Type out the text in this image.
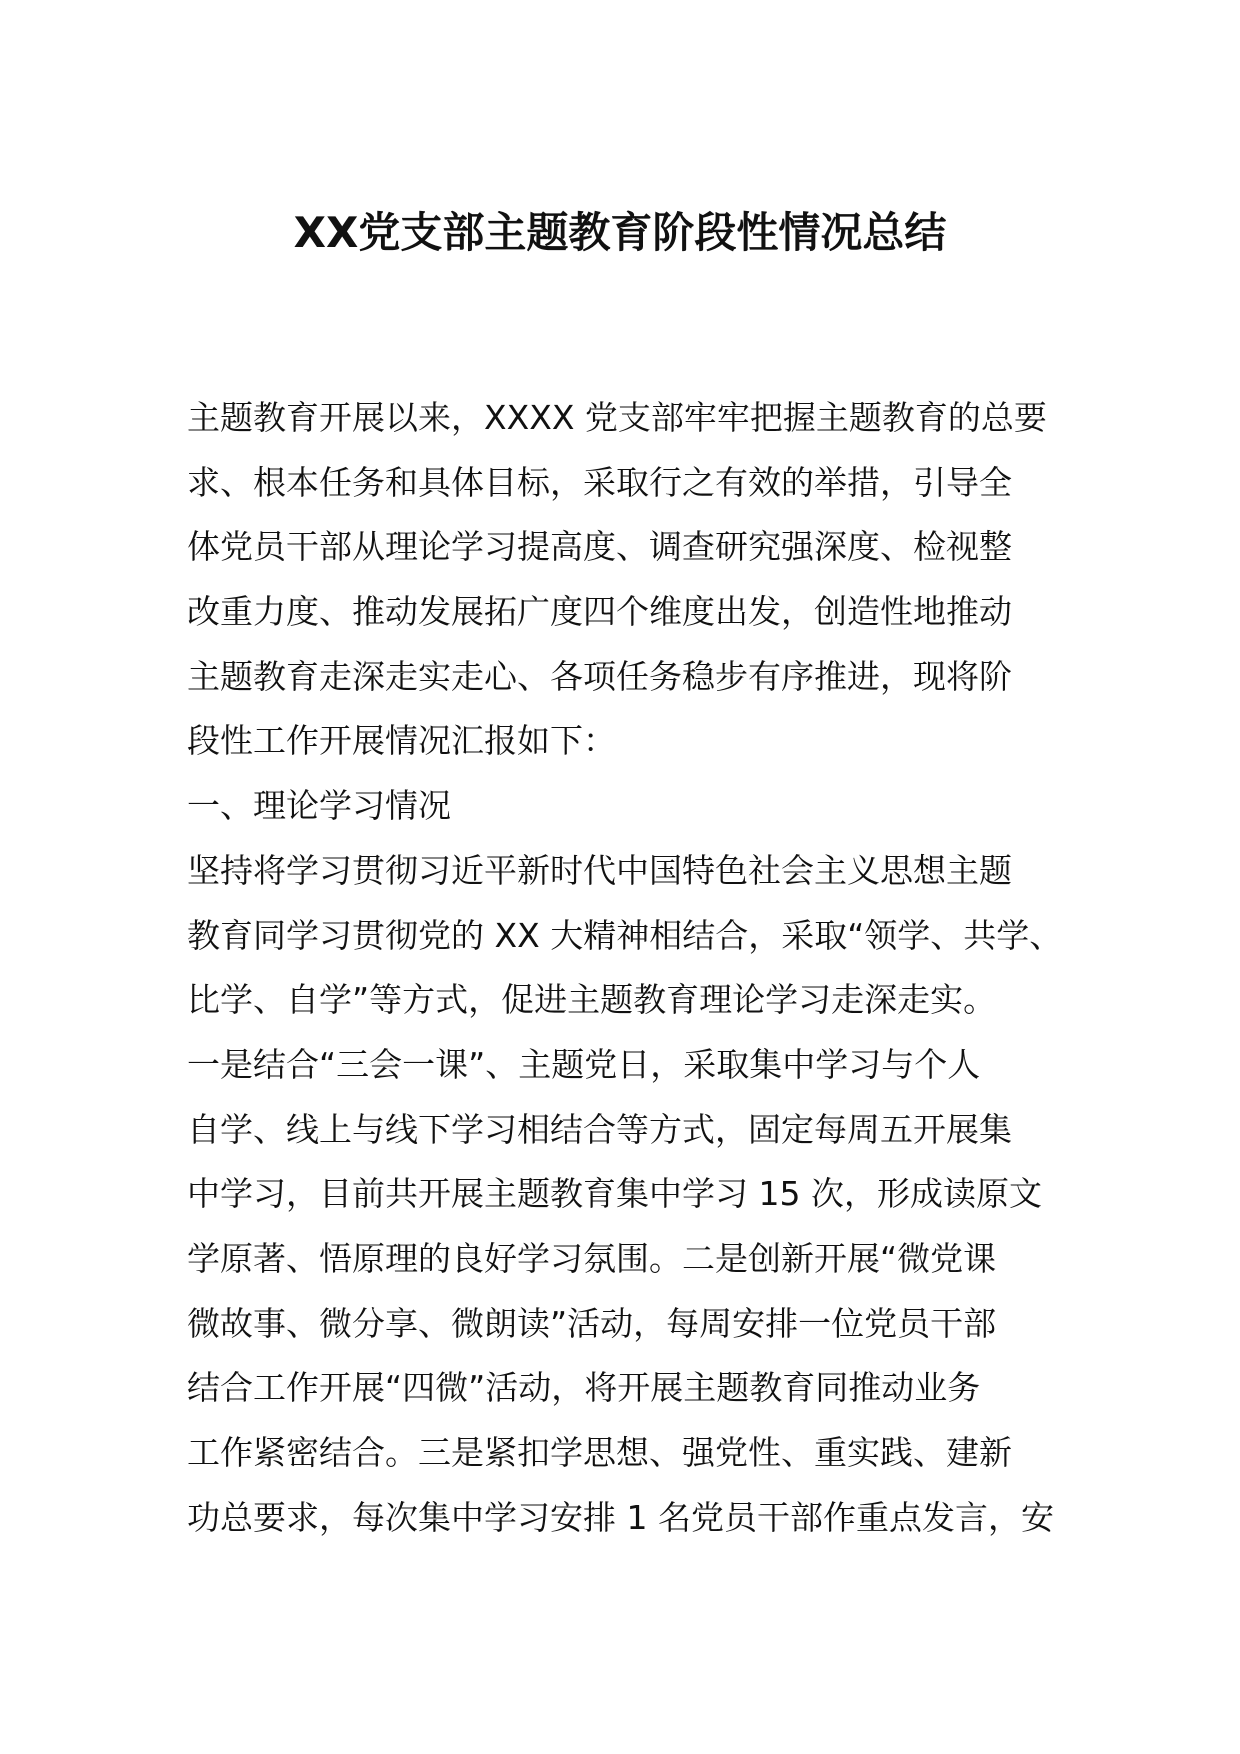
XX党支部主题教育阶段性情况总结
主题教育开展以来，XXXX 党支部牢牢把握主题教育的总要
求、根本任务和具体目标，采取行之有效的举措，引导全
体党员干部从理论学习提高度、调查研究强深度、检视整
改重力度、推动发展拓广度四个维度出发，创造性地推动
主题教育走深走实走心、各项任务稳步有序推进，现将阶
段性工作开展情况汇报如下：
一、理论学习情况
坚持将学习贯彻习近平新时代中国特色社会主义思想主题
教育同学习贯彻党的 XX 大精神相结合，采取“领学、共学、
比学、自学”等方式，促进主题教育理论学习走深走实。
一是结合“三会一课”、主题党日，采取集中学习与个人
自学、线上与线下学习相结合等方式，固定每周五开展集
中学习，目前共开展主题教育集中学习 15 次，形成读原文
学原著、悟原理的良好学习氛围。二是创新开展“微党课
微故事、微分享、微朗读”活动，每周安排一位党员干部
结合工作开展“四微”活动，将开展主题教育同推动业务
工作紧密结合。三是紧扣学思想、强党性、重实践、建新
功总要求，每次集中学习安排 1 名党员干部作重点发言，安
